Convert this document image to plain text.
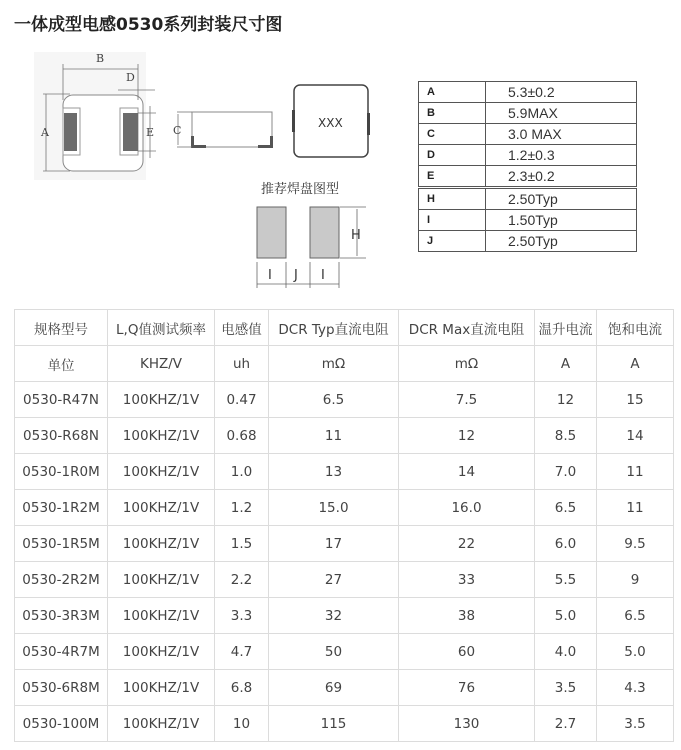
一体成型电感0530系列封装尺寸图
B
D
A	E C
XXX
推荐焊盘图型
H
I J I
A	5.3±0.2
B	5.9MAX
C	3.0 MAX
D	1.2±0.3
E	2.3±0.2
H	2.50Typ
I	1.50Typ
J	2.50Typ
规格型号	L,Q值测试频率	电感值	DCR Typ直流电阻	DCR Max直流电阻	温升电流	饱和电流
单位	KHZ/V	uh	mΩ	mΩ	A	A
0530-R47N	100KHZ/1V	0.47	6.5	7.5	12	15
0530-R68N	100KHZ/1V	0.68	11	12	8.5	14
0530-1R0M	100KHZ/1V	1.0	13	14	7.0	11
0530-1R2M	100KHZ/1V	1.2	15.0	16.0	6.5	11
0530-1R5M	100KHZ/1V	1.5	17	22	6.0	9.5
0530-2R2M	100KHZ/1V	2.2	27	33	5.5	9
0530-3R3M	100KHZ/1V	3.3	32	38	5.0	6.5
0530-4R7M	100KHZ/1V	4.7	50	60	4.0	5.0
0530-6R8M	100KHZ/1V	6.8	69	76	3.5	4.3
0530-100M	100KHZ/1V	10	115	130	2.7	3.5
